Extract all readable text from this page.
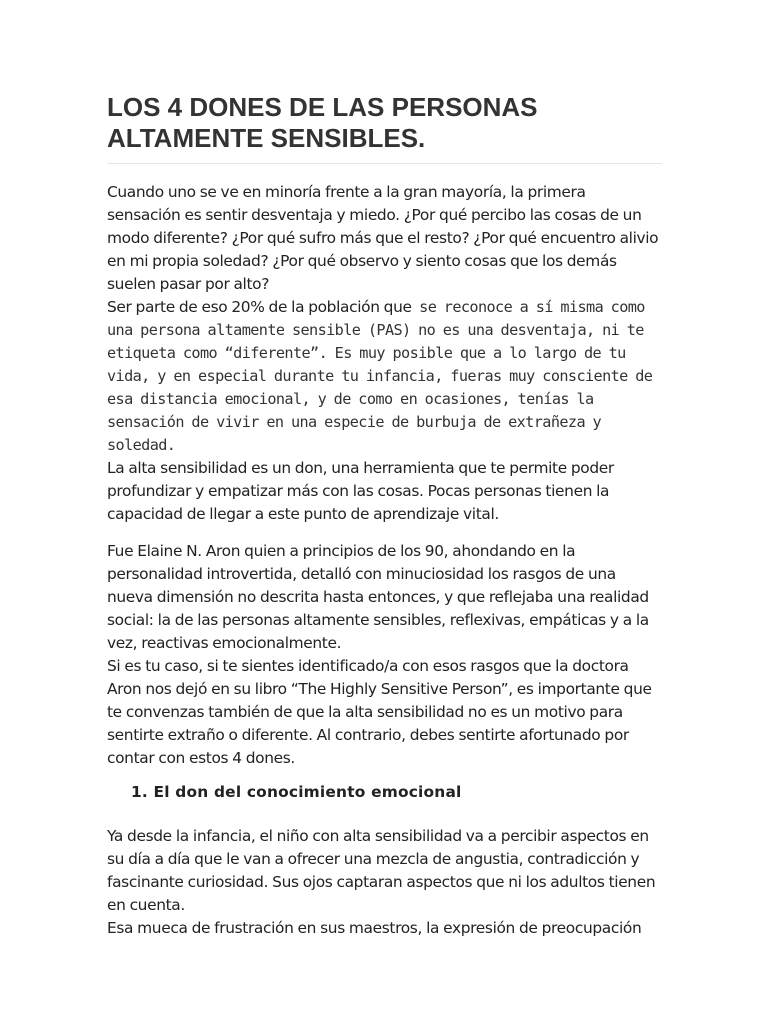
LOS 4 DONES DE LAS PERSONAS
ALTAMENTE SENSIBLES.

Cuando uno se ve en minoría frente a la gran mayoría, la primera sensación es sentir desventaja y miedo. ¿Por qué percibo las cosas de un modo diferente? ¿Por qué sufro más que el resto? ¿Por qué encuentro alivio en mi propia soledad? ¿Por qué observo y siento cosas que los demás suelen pasar por alto?

Ser parte de eso 20% de la población que se reconoce a sí misma como una persona altamente sensible (PAS) no es una desventaja, ni te etiqueta como “diferente”. Es muy posible que a lo largo de tu vida, y en especial durante tu infancia, fueras muy consciente de esa distancia emocional, y de como en ocasiones, tenías la sensación de vivir en una especie de burbuja de extrañeza y soledad.

La alta sensibilidad es un don, una herramienta que te permite poder profundizar y empatizar más con las cosas. Pocas personas tienen la capacidad de llegar a este punto de aprendizaje vital.

Fue Elaine N. Aron quien a principios de los 90, ahondando en la personalidad introvertida, detalló con minuciosidad los rasgos de una nueva dimensión no descrita hasta entonces, y que reflejaba una realidad social: la de las personas altamente sensibles, reflexivas, empáticas y a la vez, reactivas emocionalmente.

Si es tu caso, si te sientes identificado/a con esos rasgos que la doctora Aron nos dejó en su libro “The Highly Sensitive Person”, es importante que te convenzas también de que la alta sensibilidad no es un motivo para sentirte extraño o diferente. Al contrario, debes sentirte afortunado por contar con estos 4 dones.

1. El don del conocimiento emocional

Ya desde la infancia, el niño con alta sensibilidad va a percibir aspectos en su día a día que le van a ofrecer una mezcla de angustia, contradicción y fascinante curiosidad. Sus ojos captaran aspectos que ni los adultos tienen en cuenta.

Esa mueca de frustración en sus maestros, la expresión de preocupación
